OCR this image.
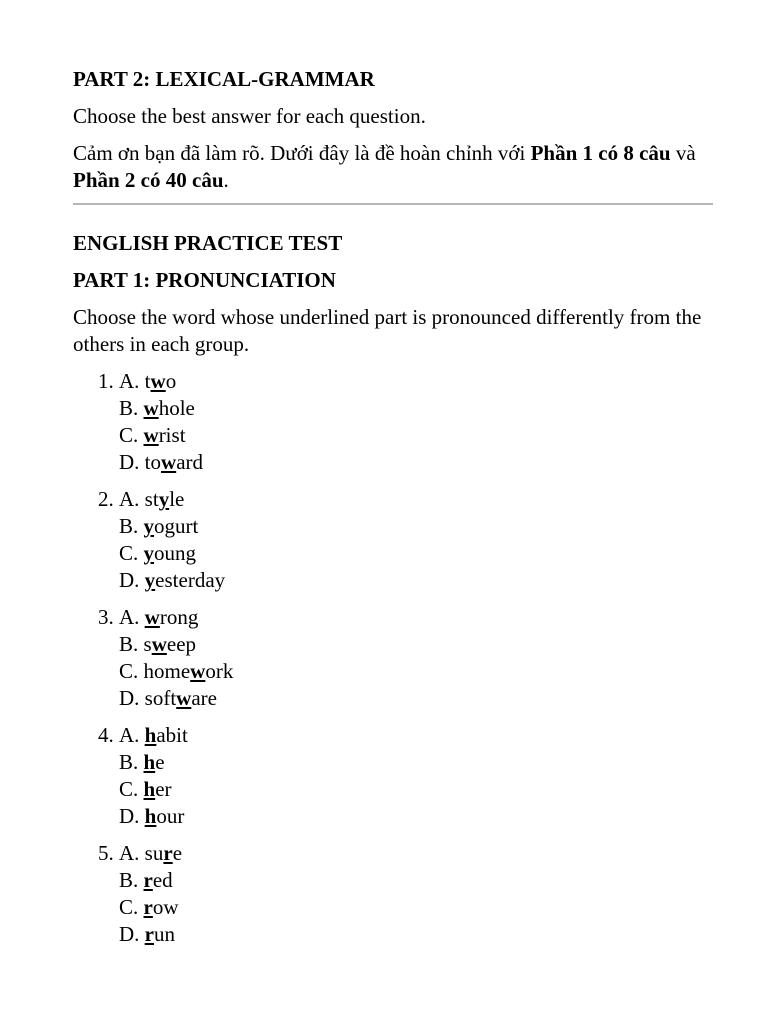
PART 2: LEXICAL-GRAMMAR

Choose the best answer for each question.

Cảm ơn bạn đã làm rõ. Dưới đây là đề hoàn chỉnh với Phần 1 có 8 câu và Phần 2 có 40 câu.

ENGLISH PRACTICE TEST
PART 1: PRONUNCIATION

Choose the word whose underlined part is pronounced differently from the others in each group.

1. A. two
B. whole
C. wrist
D. toward
2. A. style
B. yogurt
C. young
D. yesterday
3. A. wrong
B. sweep
C. homework
D. software
4. A. habit
B. he
C. her
D. hour
5. A. sure
B. red
C. row
D. run
